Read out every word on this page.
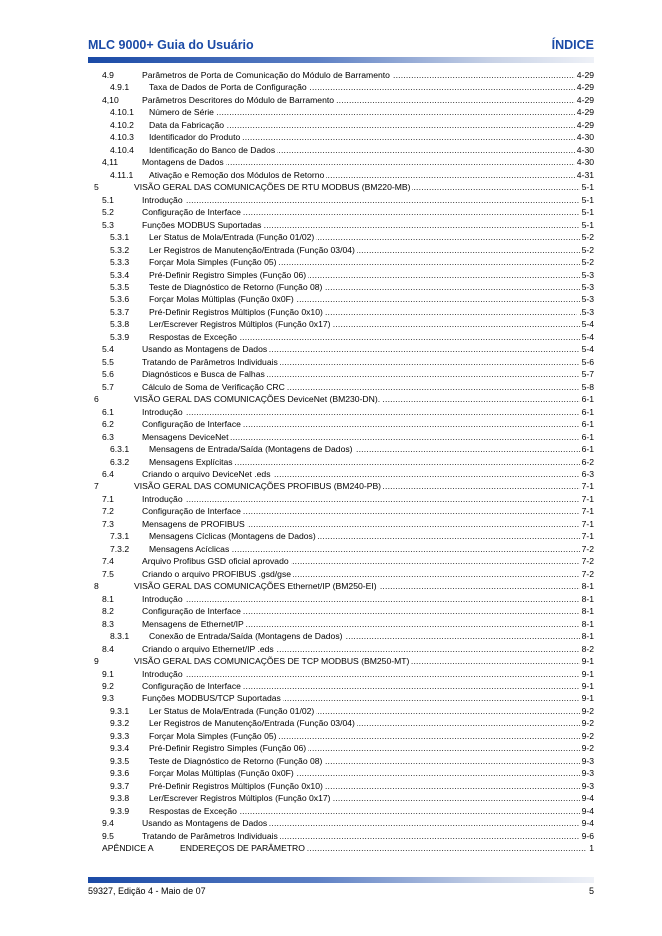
MLC 9000+ Guia do Usuário	ÍNDICE
4.9 .....	Parâmetros de Porta de Comunicação do Módulo de Barramento	4-29
4.9.1 ..... Taxa de Dados de Porta de Configuração	4-29
4,10 .....	Parâmetros Descritores do Módulo de Barramento	4-29
4.10.1 ..... Número de Série	4-29
4.10.2 ..... Data da Fabricação	4-29
4.10.3 ..... Identificador do Produto	4-30
4.10.4 ..... Identificação do Banco de Dados	4-30
4,11 .....	Montagens de Dados	4-30
4.11.1 ..... Ativação e Remoção dos Módulos de Retorno	4-31
5 .....	VISÃO GERAL DAS COMUNICAÇÕES DE RTU MODBUS (BM220-MB)	5-1
5.1 .....	Introdução	5-1
5.2 .....	Configuração de Interface	5-1
5.3 .....	Funções MODBUS Suportadas	5-1
5.3.1 ..... Ler Status de Mola/Entrada (Função 01/02)	5-2
5.3.2 ..... Ler Registros de Manutenção/Entrada (Função 03/04)	5-2
5.3.3 ..... Forçar Mola Simples (Função 05)	5-2
5.3.4 ..... Pré-Definir Registro Simples (Função 06)	5-3
5.3.5 ..... Teste de Diagnóstico de Retorno (Função 08)	5-3
5.3.6 ..... Forçar Molas Múltiplas (Função 0x0F)	5-3
5.3.7 ..... Pré-Definir Registros Múltiplos (Função 0x10)	.5-3
5.3.8 ..... Ler/Escrever Registros Múltiplos (Função 0x17)	5-4
5.3.9 ..... Respostas de Exceção	5-4
5.4 .....	Usando as Montagens de Dados	5-4
5.5 .....	Tratando de Parâmetros Individuais	5-6
5.6 .....	Diagnósticos e Busca de Falhas	5-7
5.7 .....	Cálculo de Soma de Verificação CRC	5-8
6 .....	VISÃO GERAL DAS COMUNICAÇÕES DeviceNet (BM230-DN).	6-1
6.1 .....	Introdução	6-1
6.2 .....	Configuração de Interface	6-1
6.3 .....	Mensagens DeviceNet	6-1
6.3.1 ..... Mensagens de Entrada/Saída (Montagens de Dados)	6-1
6.3.2 ..... Mensagens Explícitas	6-2
6.4 .....	Criando o arquivo DeviceNet .eds	6-3
7 .....	VISÃO GERAL DAS COMUNICAÇÕES PROFIBUS (BM240-PB)	7-1
7.1 .....	Introdução	7-1
7.2 .....	Configuração de Interface	7-1
7.3 .....	Mensagens de PROFIBUS	7-1
7.3.1 ..... Mensagens Cíclicas (Montagens de Dados)	7-1
7.3.2 ..... Mensagens Acíclicas	7-2
7.4 .....	Arquivo Profibus GSD oficial aprovado	7-2
7.5 .....	Criando o arquivo PROFIBUS .gsd/gse	7-2
8 .....	VISÃO GERAL DAS COMUNICAÇÕES Ethernet/IP (BM250-EI)	8-1
8.1 .....	Introdução	8-1
8.2 .....	Configuração de Interface	8-1
8.3 .....	Mensagens de Ethernet/IP	8-1
8.3.1 ..... Conexão de Entrada/Saída (Montagens de Dados)	8-1
8.4 .....	Criando o arquivo Ethernet/IP .eds	8-2
9 .....	VISÃO GERAL DAS COMUNICAÇÕES DE TCP MODBUS (BM250-MT)	9-1
9.1 .....	Introdução	9-1
9.2 .....	Configuração de Interface	9-1
9.3 .....	Funções MODBUS/TCP Suportadas	9-1
9.3.1 ..... Ler Status de Mola/Entrada (Função 01/02)	9-2
9.3.2 ..... Ler Registros de Manutenção/Entrada (Função 03/04)	9-2
9.3.3 ..... Forçar Mola Simples (Função 05)	9-2
9.3.4 ..... Pré-Definir Registro Simples (Função 06)	9-2
9.3.5 ..... Teste de Diagnóstico de Retorno (Função 08)	9-3
9.3.6 ..... Forçar Molas Múltiplas (Função 0x0F)	9-3
9.3.7 ..... Pré-Definir Registros Múltiplos (Função 0x10)	9-3
9.3.8 ..... Ler/Escrever Registros Múltiplos (Função 0x17)	9-4
9.3.9 ..... Respostas de Exceção	9-4
9.4 .....	Usando as Montagens de Dados	9-4
9.5 .....	Tratando de Parâmetros Individuais	9-6
APÊNDICE A .....	ENDEREÇOS DE PARÂMETRO	1
59327, Edição 4 - Maio de 07	5
